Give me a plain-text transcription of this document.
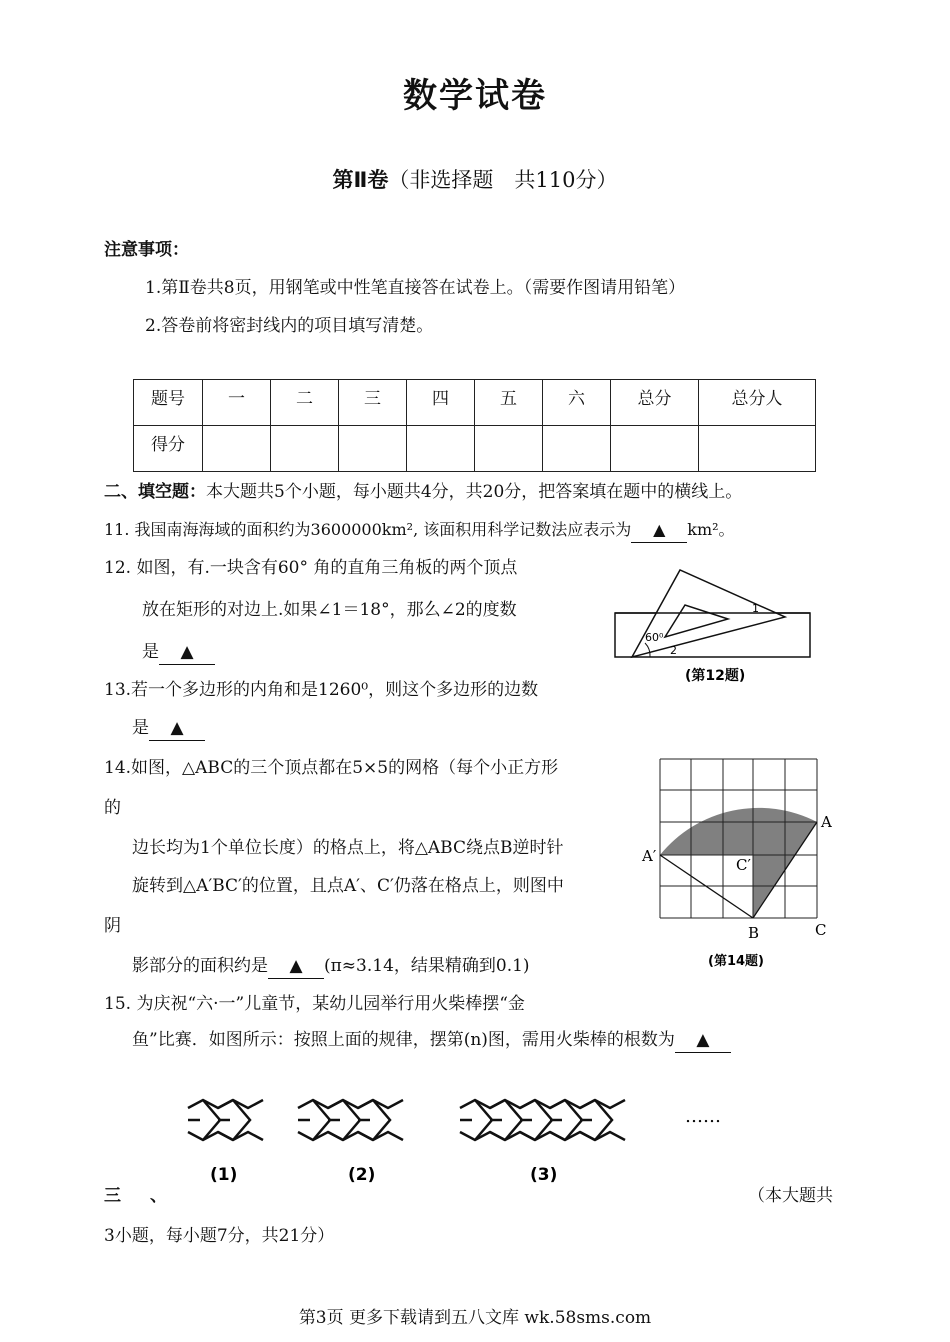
数学试卷
第Ⅱ卷（非选择题　共110分）
注意事项：
1.第Ⅱ卷共8页，用钢笔或中性笔直接答在试卷上。（需要作图请用铅笔）
2.答卷前将密封线内的项目填写清楚。
题号	一	二	三	四	五	六	总分	总分人
得分								
二、填空题：本大题共5个小题，每小题共4分，共20分，把答案填在题中的横线上。
11. 我国南海海域的面积约为3600000km², 该面积用科学记数法应表示为 ▲ km²。
12. 如图，有.一块含有60° 角的直角三角板的两个顶点
放在矩形的对边上.如果∠1＝18°，那么∠2的度数
是 ▲
60⁰
1
2
(第12题)
13.若一个多边形的内角和是1260⁰，则这个多边形的边数
是 ▲
14.如图，△ABC的三个顶点都在5×5的网格（每个小正方形
的
边长均为1个单位长度）的格点上，将△ABC绕点B逆时针
旋转到△A′BC′的位置，且点A′、C′仍落在格点上，则图中
阴
影部分的面积约是 ▲ (π≈3.14，结果精确到0.1)
A
A′	C′
B	C
(第14题)
15. 为庆祝“六·一”儿童节，某幼儿园举行用火柴棒摆“金
鱼”比赛．如图所示：按照上面的规律，摆第(n)图，需用火柴棒的根数为 ▲
……
(1)	(2)	(3)
三 、	（本大题共
3小题，每小题7分，共21分）
第3页 更多下载请到五八文库 wk.58sms.com
